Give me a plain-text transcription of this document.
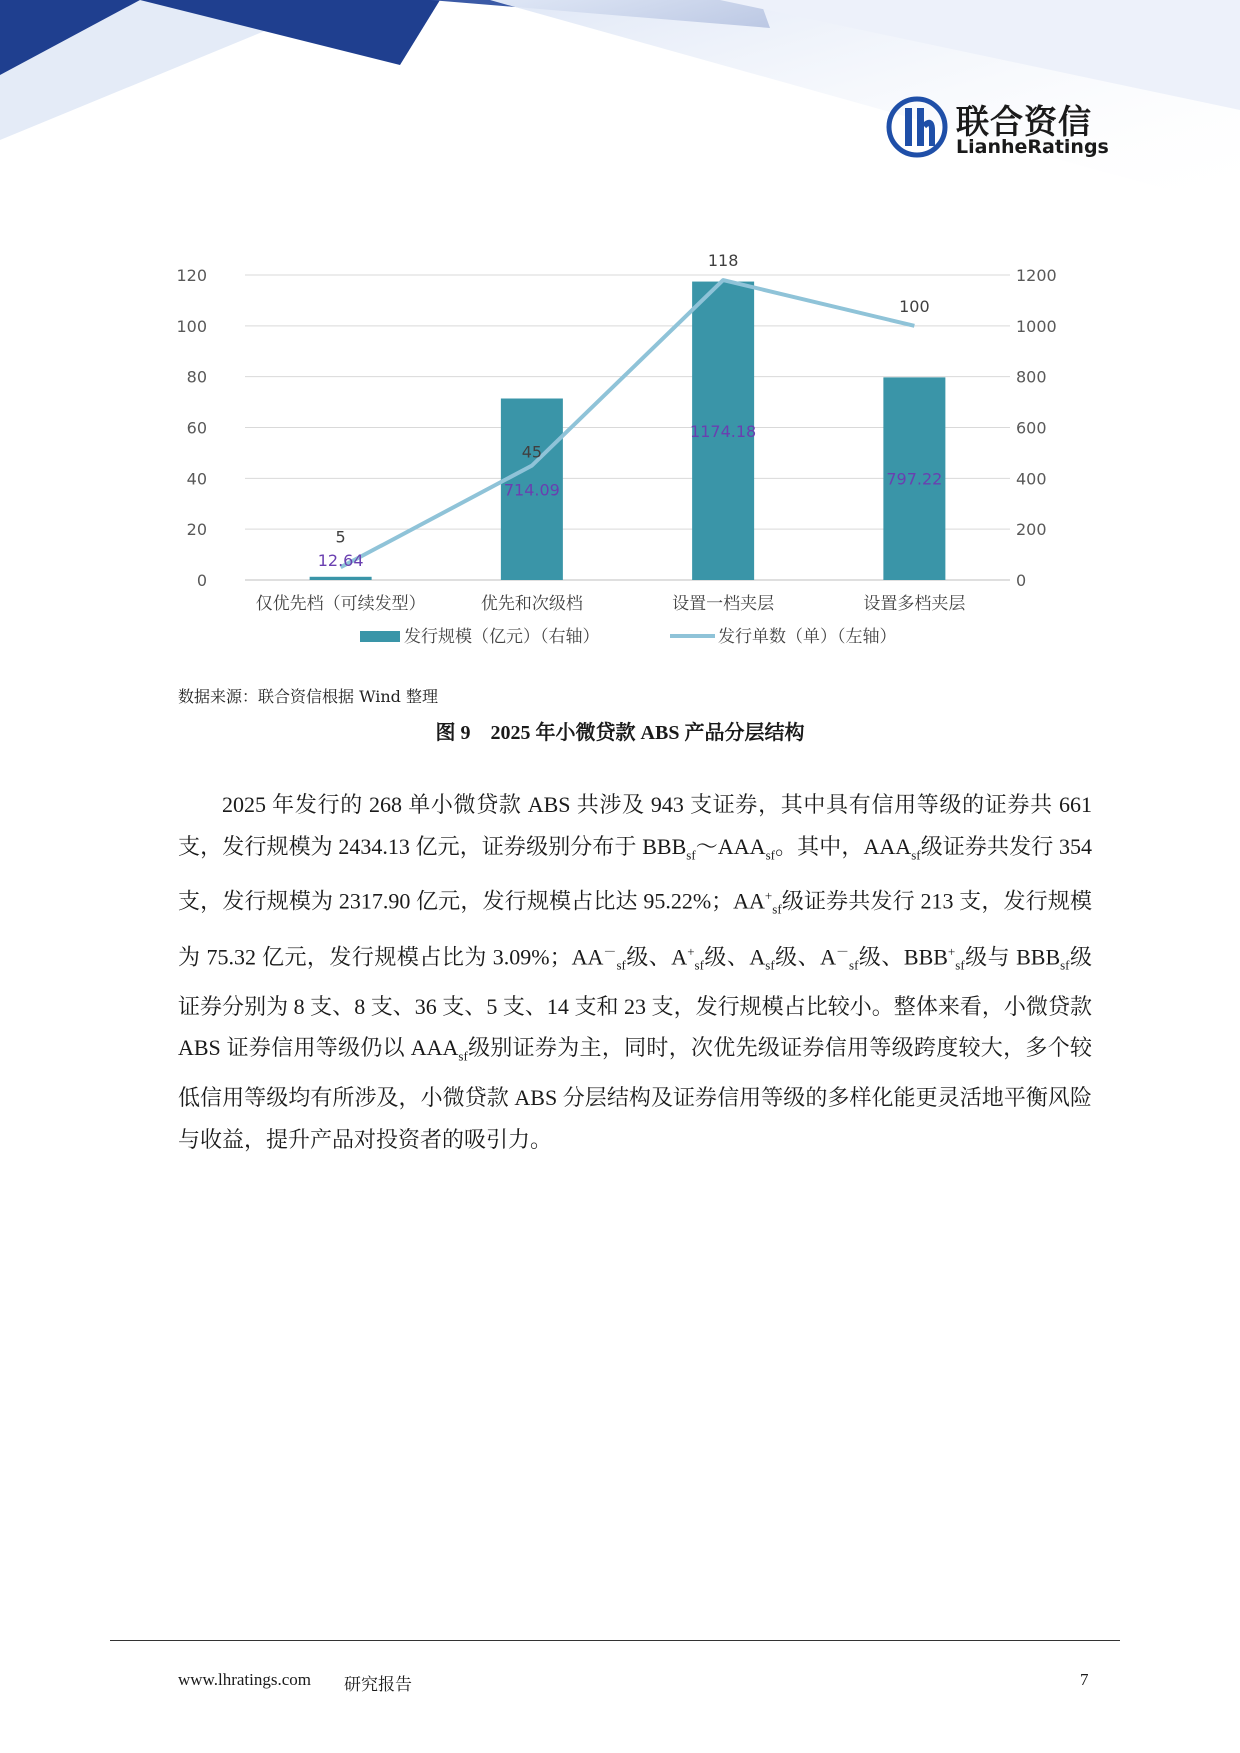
联合资信
LianheRatings
0
20
40
60
80
100
120
0
200
400
600
800
1000
1200
12.64
714.09
1174.18
797.22
5
45
118
100
仅优先档（可续发型）	优先和次级档	设置一档夹层	设置多档夹层
发行规模（亿元）（右轴）	发行单数（单）（左轴）
数据来源：联合资信根据 Wind 整理
图 9　2025 年小微贷款 ABS 产品分层结构

2025 年发行的 268 单小微贷款 ABS 共涉及 943 支证券，其中具有信用等级的证券共 661 支，发行规模为 2434.13 亿元，证券级别分布于 $BBB_{sf}\sim AAA_{sf}$。其中，$AAA_{sf}$级证券共发行 354 支，发行规模为 2317.90 亿元，发行规模占比达 95.22%；$AA^+_{sf}$级证券共发行 213 支，发行规模为 75.32 亿元，发行规模占比为 3.09%；$AA^-_{sf}$级、$A^+_{sf}$级、$A_{sf}$级、$A^-_{sf}$级、$BBB^+_{sf}$级与 $BBB_{sf}$级证券分别为 8 支、8 支、36 支、5 支、14 支和 23 支，发行规模占比较小。整体来看，小微贷款 ABS 证券信用等级仍以 $AAA_{sf}$级别证券为主，同时，次优先级证券信用等级跨度较大，多个较低信用等级均有所涉及，小微贷款 ABS 分层结构及证券信用等级的多样化能更灵活地平衡风险与收益，提升产品对投资者的吸引力。

www.lhratings.com 研究报告	7
